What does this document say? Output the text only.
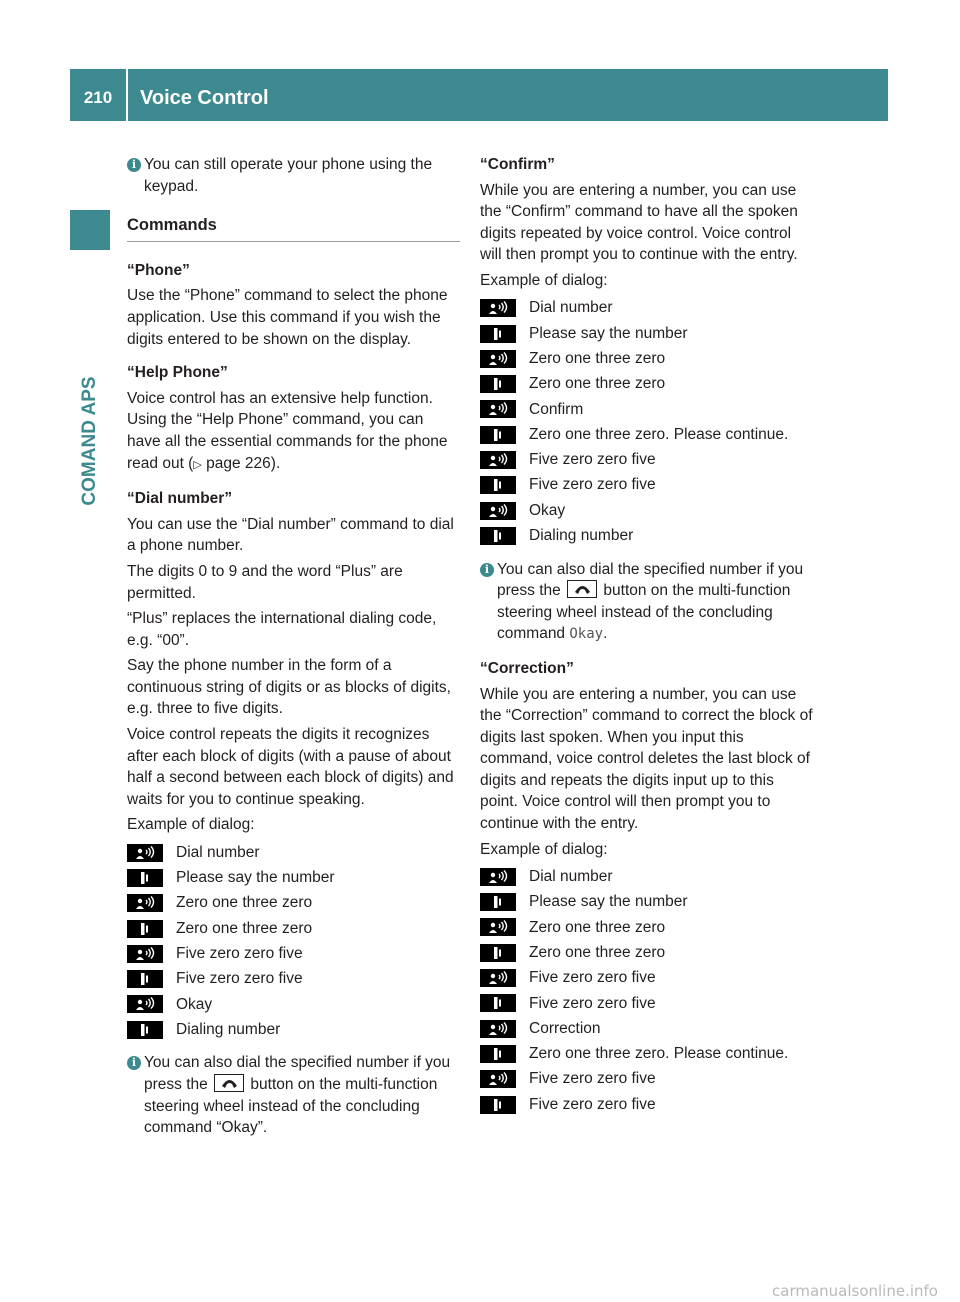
210	Voice Control
COMAND APS
i You can still operate your phone using the keypad.
Commands

“Phone”

Use the “Phone” command to select the phone application. Use this command if you wish the digits entered to be shown on the display.

“Help Phone”

Voice control has an extensive help function. Using the “Help Phone” command, you can have all the essential commands for the phone read out (▷ page 226).

“Dial number”

You can use the “Dial number” command to dial a phone number.

The digits 0 to 9 and the word “Plus” are permitted.

“Plus” replaces the international dialing code, e.g. “00”.

Say the phone number in the form of a continuous string of digits or as blocks of digits, e.g. three to five digits.

Voice control repeats the digits it recognizes after each block of digits (with a pause of about half a second between each block of digits) and waits for you to continue speaking.

Example of dialog:

Dial number
Please say the number
Zero one three zero
Zero one three zero
Five zero zero five
Five zero zero five
Okay
Dialing number
i You can also dial the specified number if you press the	button on the multi-function steering wheel instead of the concluding command “Okay”.

“Confirm”

While you are entering a number, you can use the “Confirm” command to have all the spoken digits repeated by voice control. Voice control will then prompt you to continue with the entry.

Example of dialog:

Dial number
Please say the number
Zero one three zero
Zero one three zero
Confirm
Zero one three zero. Please continue.
Five zero zero five
Five zero zero five
Okay
Dialing number
i You can also dial the specified number if you press the	button on the multi-function steering wheel instead of the concluding command Okay.

“Correction”

While you are entering a number, you can use the “Correction” command to correct the block of digits last spoken. When you input this command, voice control deletes the last block of digits and repeats the digits input up to this point. Voice control will then prompt you to continue with the entry.

Example of dialog:

Dial number
Please say the number
Zero one three zero
Zero one three zero
Five zero zero five
Five zero zero five
Correction
Zero one three zero. Please continue.
Five zero zero five
Five zero zero five
carmanualsonline.info
